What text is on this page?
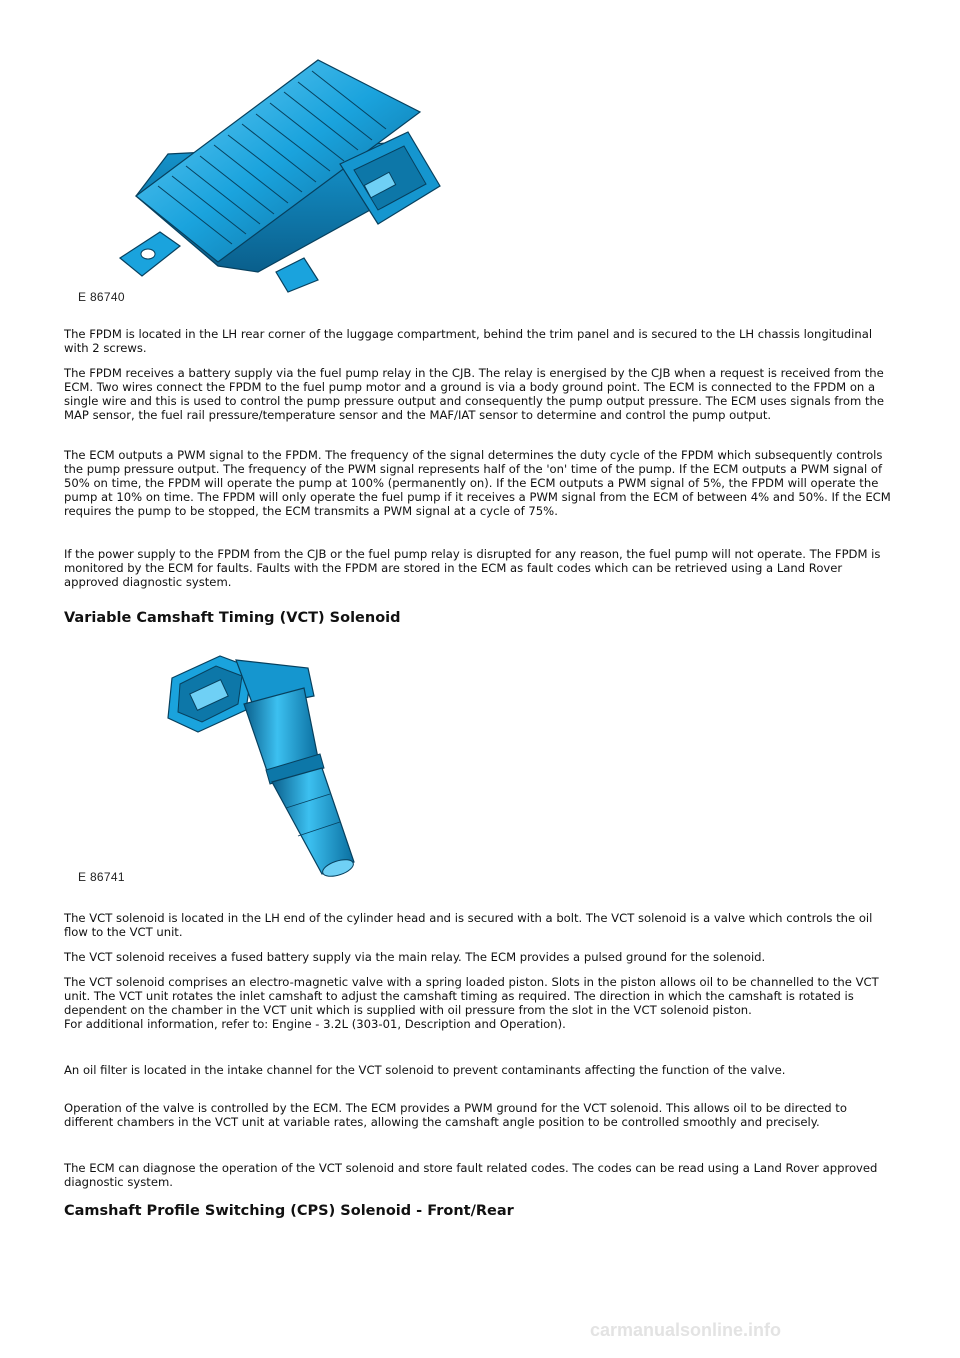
E 86740

The FPDM is located in the LH rear corner of the luggage compartment, behind the trim panel and is secured to the LH chassis longitudinal with 2 screws.

The FPDM receives a battery supply via the fuel pump relay in the CJB. The relay is energised by the CJB when a request is received from the ECM. Two wires connect the FPDM to the fuel pump motor and a ground is via a body ground point. The ECM is connected to the FPDM on a single wire and this is used to control the pump pressure output and consequently the pump output pressure. The ECM uses signals from the MAP sensor, the fuel rail pressure/temperature sensor and the MAF/IAT sensor to determine and control the pump output.

The ECM outputs a PWM signal to the FPDM. The frequency of the signal determines the duty cycle of the FPDM which subsequently controls the pump pressure output. The frequency of the PWM signal represents half of the 'on' time of the pump. If the ECM outputs a PWM signal of 50% on time, the FPDM will operate the pump at 100% (permanently on). If the ECM outputs a PWM signal of 5%, the FPDM will operate the pump at 10% on time. The FPDM will only operate the fuel pump if it receives a PWM signal from the ECM of between 4% and 50%. If the ECM requires the pump to be stopped, the ECM transmits a PWM signal at a cycle of 75%.

If the power supply to the FPDM from the CJB or the fuel pump relay is disrupted for any reason, the fuel pump will not operate. The FPDM is monitored by the ECM for faults. Faults with the FPDM are stored in the ECM as fault codes which can be retrieved using a Land Rover approved diagnostic system.

Variable Camshaft Timing (VCT) Solenoid
E 86741

The VCT solenoid is located in the LH end of the cylinder head and is secured with a bolt. The VCT solenoid is a valve which controls the oil flow to the VCT unit.

The VCT solenoid receives a fused battery supply via the main relay. The ECM provides a pulsed ground for the solenoid.

The VCT solenoid comprises an electro-magnetic valve with a spring loaded piston. Slots in the piston allows oil to be channelled to the VCT unit. The VCT unit rotates the inlet camshaft to adjust the camshaft timing as required. The direction in which the camshaft is rotated is dependent on the chamber in the VCT unit which is supplied with oil pressure from the slot in the VCT solenoid piston.
For additional information, refer to: Engine - 3.2L (303-01, Description and Operation).

An oil filter is located in the intake channel for the VCT solenoid to prevent contaminants affecting the function of the valve.

Operation of the valve is controlled by the ECM. The ECM provides a PWM ground for the VCT solenoid. This allows oil to be directed to different chambers in the VCT unit at variable rates, allowing the camshaft angle position to be controlled smoothly and precisely.

The ECM can diagnose the operation of the VCT solenoid and store fault related codes. The codes can be read using a Land Rover approved diagnostic system.

Camshaft Profile Switching (CPS) Solenoid - Front/Rear
carmanualsonline.info
